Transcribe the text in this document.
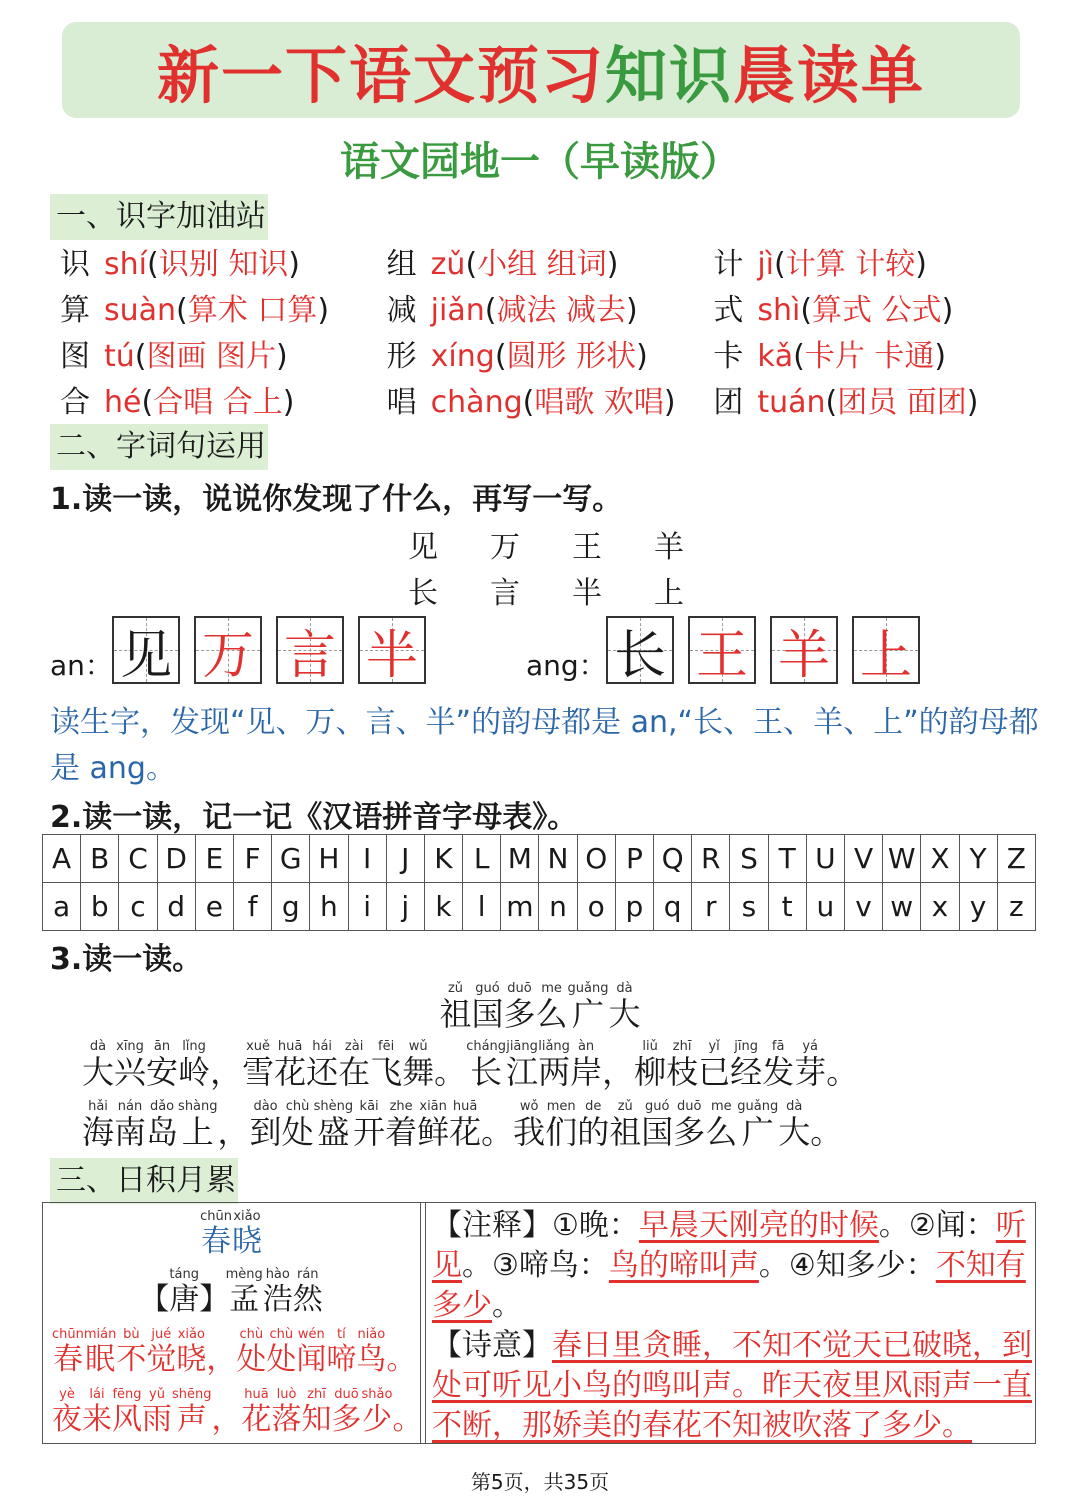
新一下语文预习 知识 晨读单
语文园地一（早读版）
一、识字加油站
识 shí(识别 知识)	组 zǔ(小组 组词)	计 jì(计算 计较)
算 suàn(算术 口算)	减 jiǎn(减法 减去)	式 shì(算式 公式)
图 tú(图画 图片)	形 xíng(圆形 形状)	卡 kǎ(卡片 卡通)
合 hé(合唱 合上)	唱 chàng(唱歌 欢唱)	团 tuán(团员 面团)
二、字词句运用
1.读一读，说说你发现了什么，再写一写。
见 万 王 羊
长 言 半 上
an： 见 万 言 半	ang： 长 王 羊 上
读生字，发现“见、万、言、半”的韵母都是 an,“长、王、羊、上”的韵母都是 ang。
2.读一读，记一记《汉语拼音字母表》。
A	B	C	D	E	F	G	H	I	J	K	L	M	N	O	P	Q	R	S	T	U	V	W	X	Y	Z
a	b	c	d	e	f	g	h	i	j	k	l	m	n	o	p	q	r	s	t	u	v	w	x	y	z
3.读一读。
祖zǔ国guó多duō么me广guǎng大dà
大dà兴xīng安ān岭lǐng，雪xuě花huā还hái在zài飞fēi舞wǔ。长cháng江jiāng两liǎng岸àn，柳liǔ枝zhī已yǐ经jīng发fā芽yá。
海hǎi南nán岛dǎo上shàng，到dào处chù盛shèng开kāi着zhe鲜xiān花huā。我wǒ们men的de祖zǔ国guó多duō么me广guǎng大dà。
三、日积月累
春chūn晓xiǎo
【唐táng】孟mèng浩hào然rán
春chūn眠mián不bù觉jué晓xiǎo，处chù处chù闻wén啼tí鸟niǎo。
夜yè来lái风fēng雨yǔ声shēng，花huā落luò知zhī多duō少shǎo。
【注释】①晚：早晨天刚亮的时候。②闻：听见。③啼鸟：鸟的啼叫声。④知多少：不知有多少。
【诗意】春日里贪睡，不知不觉天已破晓，到处可听见小鸟的鸣叫声。昨天夜里风雨声一直不断，那娇美的春花不知被吹落了多少。
第5页，共35页
